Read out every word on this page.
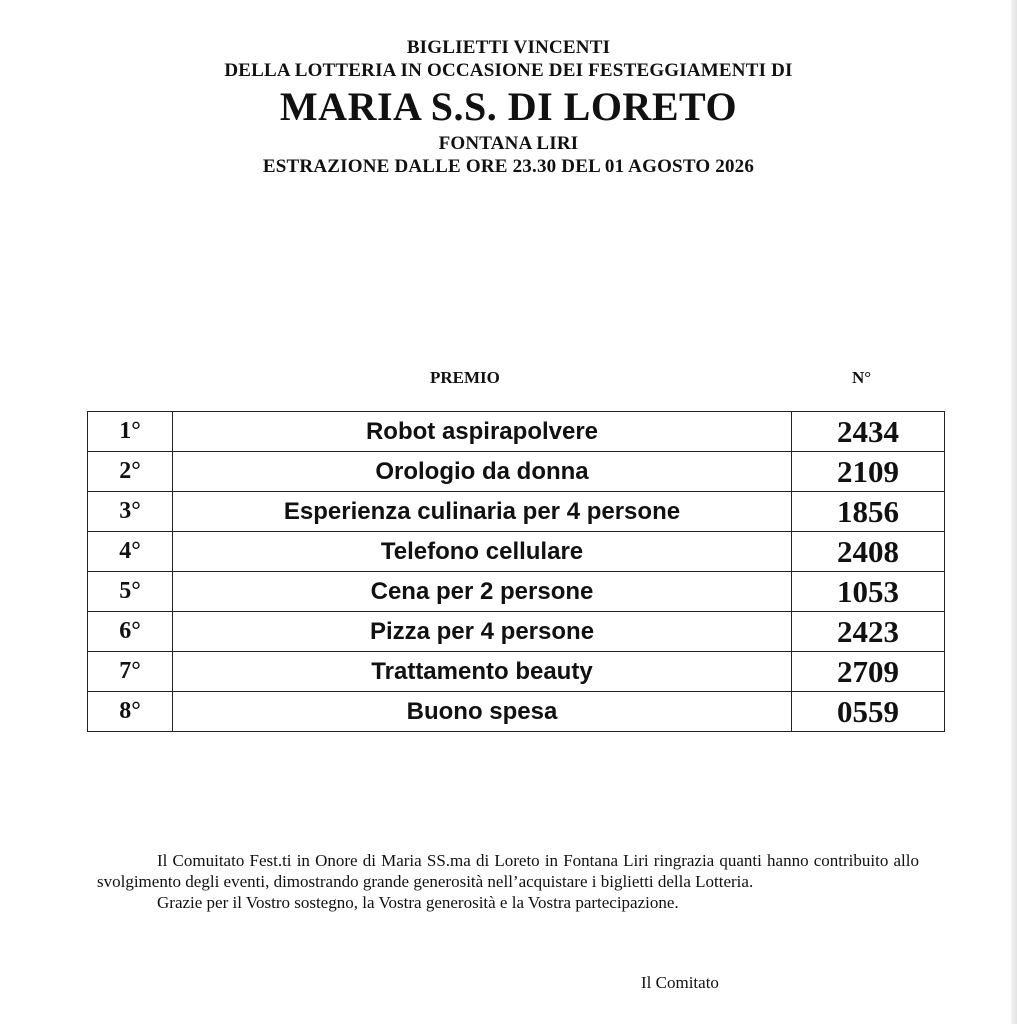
BIGLIETTI VINCENTI
DELLA LOTTERIA IN OCCASIONE DEI FESTEGGIAMENTI DI
MARIA S.S. DI LORETO
FONTANA LIRI
ESTRAZIONE DALLE ORE 23.30 DEL 01 AGOSTO 2026
PREMIO	N°
1°	Robot aspirapolvere	2434
2°	Orologio da donna	2109
3°	Esperienza culinaria per 4 persone	1856
4°	Telefono cellulare	2408
5°	Cena per 2 persone	1053
6°	Pizza per 4 persone	2423
7°	Trattamento beauty	2709
8°	Buono spesa	0559

Il Comuitato Fest.ti in Onore di Maria SS.ma di Loreto in Fontana Liri ringrazia quanti hanno contribuito allo svolgimento degli eventi, dimostrando grande generosità nell’acquistare i biglietti della Lotteria.

Grazie per il Vostro sostegno, la Vostra generosità e la Vostra partecipazione.

Il Comitato
